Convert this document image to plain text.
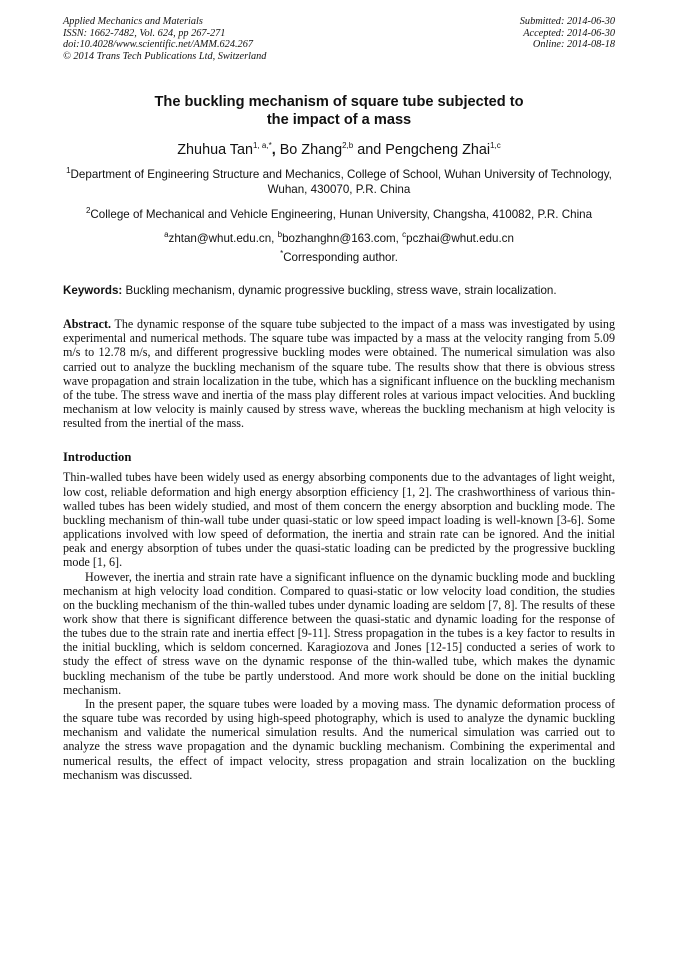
Applied Mechanics and Materials
ISSN: 1662-7482, Vol. 624, pp 267-271
doi:10.4028/www.scientific.net/AMM.624.267
© 2014 Trans Tech Publications Ltd, Switzerland
Submitted: 2014-06-30
Accepted: 2014-06-30
Online: 2014-08-18
The buckling mechanism of square tube subjected to
the impact of a mass
Zhuhua Tan$^{1, a,*}$, Bo Zhang$^{2,b}$ and Pengcheng Zhai$^{1,c}$
$^1$Department of Engineering Structure and Mechanics, College of School, Wuhan University of Technology, Wuhan, 430070, P.R. China
$^2$College of Mechanical and Vehicle Engineering, Hunan University, Changsha, 410082, P.R. China
$^a$zhtan@whut.edu.cn, $^b$bozhanghn@163.com, $^c$pczhai@whut.edu.cn
*Corresponding author.
Keywords: Buckling mechanism, dynamic progressive buckling, stress wave, strain localization.

Abstract. The dynamic response of the square tube subjected to the impact of a mass was investigated by using experimental and numerical methods. The square tube was impacted by a mass at the velocity ranging from 5.09 m/s to 12.78 m/s, and different progressive buckling modes were obtained. The numerical simulation was also carried out to analyze the buckling mechanism of the square tube. The results show that there is obvious stress wave propagation and strain localization in the tube, which has a significant influence on the buckling mechanism of the tube. The stress wave and inertia of the mass play different roles at various impact velocities. And buckling mechanism at low velocity is mainly caused by stress wave, whereas the buckling mechanism at high velocity is resulted from the inertial of the mass.

Introduction

Thin-walled tubes have been widely used as energy absorbing components due to the advantages of light weight, low cost, reliable deformation and high energy absorption efficiency [1, 2]. The crashworthiness of various thin-walled tubes has been widely studied, and most of them concern the energy absorption and buckling mode. The buckling mechanism of thin-wall tube under quasi-static or low speed impact loading is well-known [3-6]. Some applications involved with low speed of deformation, the inertia and strain rate can be ignored. And the initial peak and energy absorption of tubes under the quasi-static loading can be predicted by the progressive buckling mode [1, 6].

However, the inertia and strain rate have a significant influence on the dynamic buckling mode and buckling mechanism at high velocity load condition. Compared to quasi-static or low velocity load condition, the studies on the buckling mechanism of the thin-walled tubes under dynamic loading are seldom [7, 8]. The results of these work show that there is significant difference between the quasi-static and dynamic loading for the response of the tubes due to the strain rate and inertia effect [9-11]. Stress propagation in the tubes is a key factor to results in the initial buckling, which is seldom concerned. Karagiozova and Jones [12-15] conducted a series of work to study the effect of stress wave on the dynamic response of the thin-walled tube, which makes the dynamic buckling mechanism of the tube be partly understood. And more work should be done on the initial buckling mechanism.

In the present paper, the square tubes were loaded by a moving mass. The dynamic deformation process of the square tube was recorded by using high-speed photography, which is used to analyze the dynamic buckling mechanism and validate the numerical simulation results. And the numerical simulation was carried out to analyze the stress wave propagation and the dynamic buckling mechanism. Combining the experimental and numerical results, the effect of impact velocity, stress propagation and strain localization on the buckling mechanism was discussed.
